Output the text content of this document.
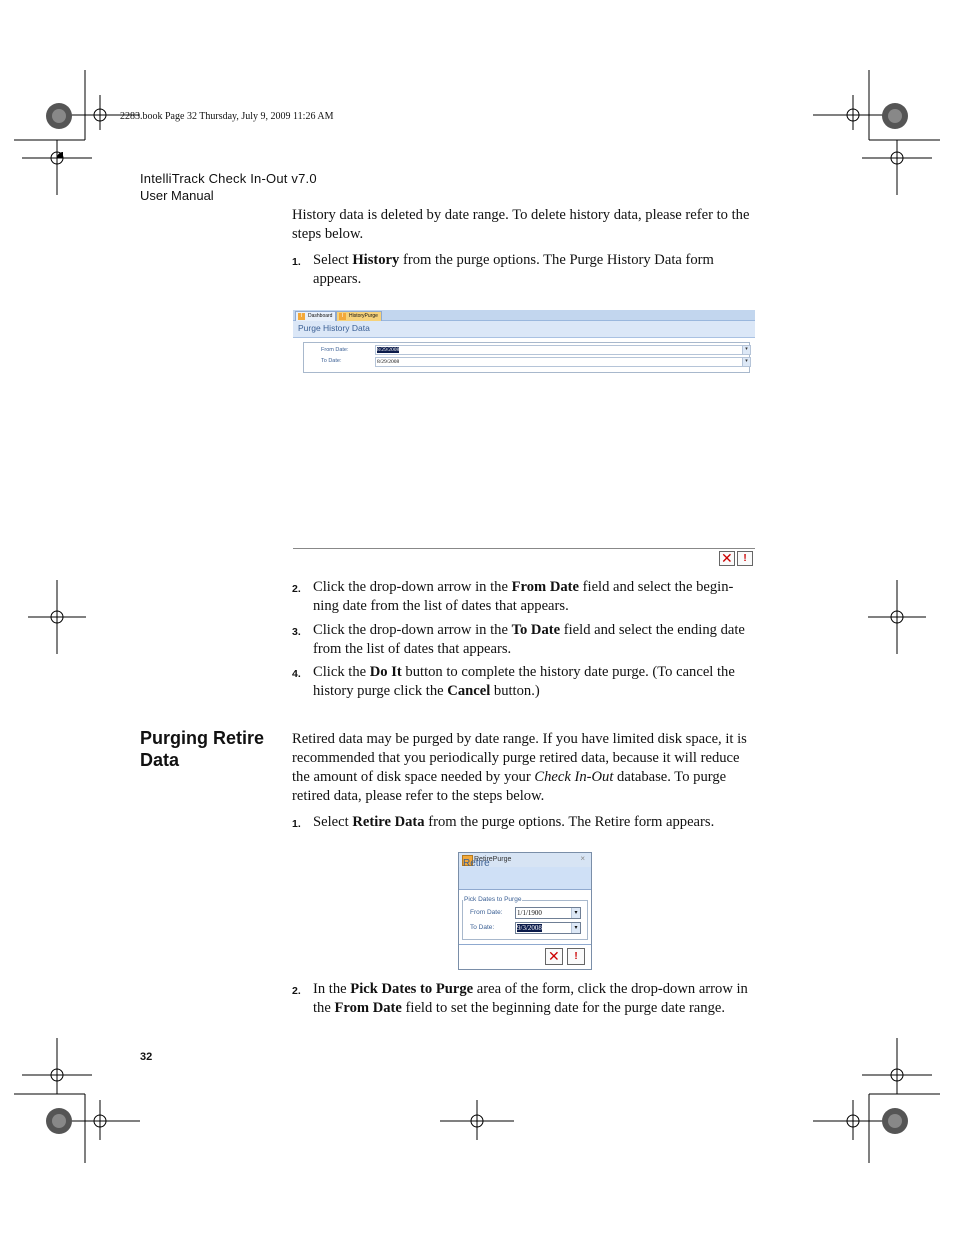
2283.book Page 32 Thursday, July 9, 2009 11:26 AM
IntelliTrack Check In-Out v7.0
User Manual
History data is deleted by date range. To delete history data, please refer to the steps below.
1. Select History from the purge options. The Purge History Data form appears.
I	Dashboard	I	HistoryPurge
Purge History Data
From Date:	8/29/2008	▾
To Date:	8/29/2008	▾
✕	!
2. Click the drop-down arrow in the From Date field and select the begin-ning date from the list of dates that appears.
3. Click the drop-down arrow in the To Date field and select the ending date from the list of dates that appears.
4. Click the Do It button to complete the history date purge. (To cancel the history purge click the Cancel button.)
Purging Retire Data
Retired data may be purged by date range. If you have limited disk space, it is recommended that you periodically purge retired data, because it will reduce the amount of disk space needed by your Check In-Out database. To purge retired data, please refer to the steps below.
1. Select Retire Data from the purge options. The Retire form appears.
RetirePurge	×
Retire
Pick Dates to Purge
From Date: 1/1/1900	▾
To Date:	9/3/2008	▾
✕	!
2. In the Pick Dates to Purge area of the form, click the drop-down arrow in the From Date field to set the beginning date for the purge date range.
32
